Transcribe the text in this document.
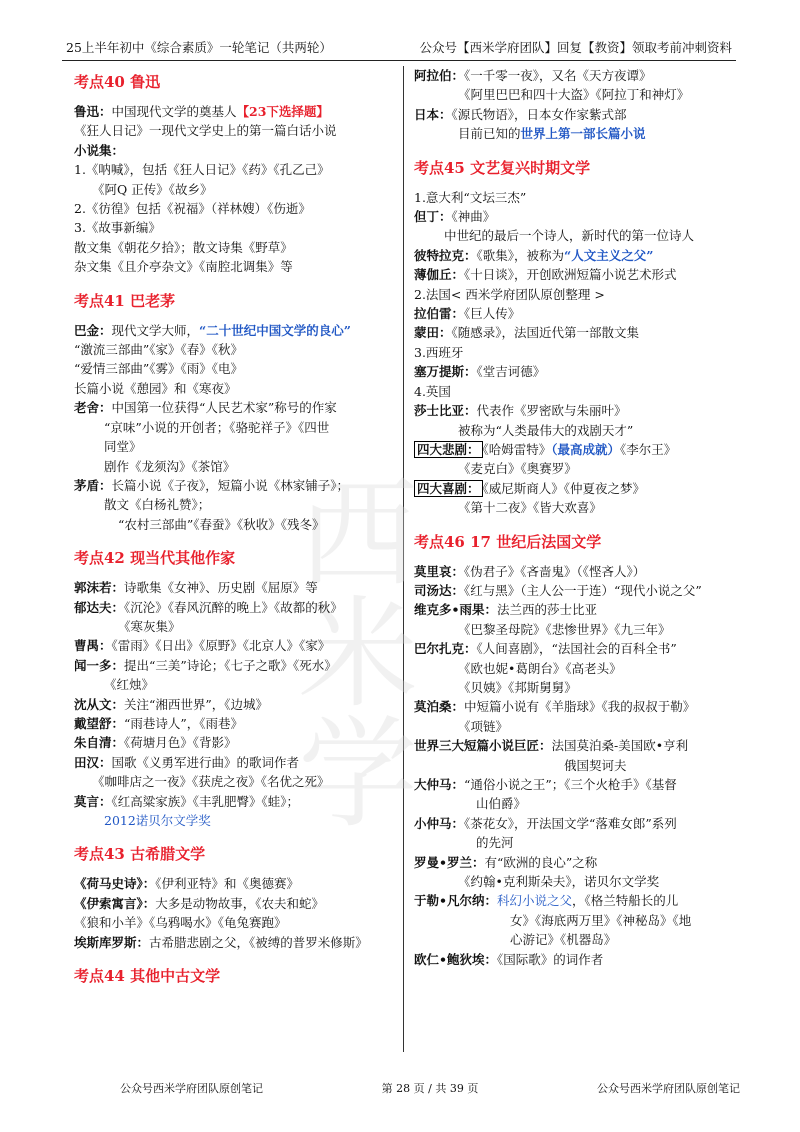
25上半年初中《综合素质》一轮笔记（共两轮）	公众号【西米学府团队】回复【教资】领取考前冲刺资料
西米学
考点40 鲁迅
鲁迅：中国现代文学的奠基人【23下选择题】
《狂人日记》一现代文学史上的第一篇白话小说
小说集：
1.《呐喊》，包括《狂人日记》《药》《孔乙己》
《阿Q 正传》《故乡》
2.《彷徨》包括《祝福》（祥林嫂）《伤逝》
3.《故事新编》
散文集《朝花夕拾》；散文诗集《野草》
杂文集《且介亭杂文》《南腔北调集》等
考点41 巴老茅
巴金：现代文学大师，“二十世纪中国文学的良心”
“激流三部曲”《家》《春》《秋》
“爱情三部曲”《雾》《雨》《电》
长篇小说《憩园》和《寒夜》
老舍：中国第一位获得“人民艺术家”称号的作家
“京味”小说的开创者；《骆驼祥子》《四世
同堂》
剧作《龙须沟》《茶馆》
茅盾：长篇小说《子夜》，短篇小说《林家铺子》；
散文《白杨礼赞》；
“农村三部曲”《春蚕》《秋收》《残冬》
考点42 现当代其他作家
郭沫若：诗歌集《女神》、历史剧《屈原》等
郁达夫：《沉沦》《春风沉醉的晚上》《故都的秋》
《寒灰集》
曹禺：《雷雨》《日出》《原野》《北京人》《家》
闻一多：提出“三美”诗论；《七子之歌》《死水》
《红烛》
沈从文：关注“湘西世界”，《边城》
戴望舒：“雨巷诗人”，《雨巷》
朱自清：《荷塘月色》《背影》
田汉：国歌《义勇军进行曲》的歌词作者
《咖啡店之一夜》《获虎之夜》《名优之死》
莫言：《红高粱家族》《丰乳肥臀》《蛙》；
2012诺贝尔文学奖
考点43 古希腊文学
《荷马史诗》：《伊利亚特》和《奥德赛》
《伊索寓言》：大多是动物故事，《农夫和蛇》
《狼和小羊》《乌鸦喝水》《龟兔赛跑》
埃斯库罗斯：古希腊悲剧之父，《被缚的普罗米修斯》
考点44 其他中古文学
阿拉伯：《一千零一夜》，又名《天方夜谭》
《阿里巴巴和四十大盗》《阿拉丁和神灯》
日本：《源氏物语》，日本女作家紫式部
目前已知的世界上第一部长篇小说
考点45 文艺复兴时期文学
1.意大利“文坛三杰”
但丁：《神曲》
中世纪的最后一个诗人，新时代的第一位诗人
彼特拉克：《歌集》，被称为“人文主义之父”
薄伽丘：《十日谈》，开创欧洲短篇小说艺术形式
2.法国< 西米学府团队原创整理 >
拉伯雷：《巨人传》
蒙田：《随感录》，法国近代第一部散文集
3.西班牙
塞万提斯：《堂吉诃德》
4.英国
莎士比亚：代表作《罗密欧与朱丽叶》
被称为“人类最伟大的戏剧天才”
四大悲剧： 《哈姆雷特》（最高成就）《李尔王》
《麦克白》《奥赛罗》
四大喜剧： 《威尼斯商人》《仲夏夜之梦》
《第十二夜》《皆大欢喜》
考点46 17 世纪后法国文学
莫里哀：《伪君子》《吝啬鬼》（《悭吝人》）
司汤达：《红与黑》（主人公一于连）“现代小说之父”
维克多•雨果：法兰西的莎士比亚
《巴黎圣母院》《悲惨世界》《九三年》
巴尔扎克：《人间喜剧》，“法国社会的百科全书”
《欧也妮•葛朗台》《高老头》
《贝姨》《邦斯舅舅》
莫泊桑：中短篇小说有《羊脂球》《我的叔叔于勒》
《项链》
世界三大短篇小说巨匠：法国莫泊桑-美国欧•亨利
俄国契诃夫
大仲马：“通俗小说之王”；《三个火枪手》《基督
山伯爵》
小仲马：《茶花女》，开法国文学“落难女郎”系列
的先河
罗曼•罗兰：有“欧洲的良心”之称
《约翰•克利斯朵夫》，诺贝尔文学奖
于勒•凡尔纳：科幻小说之父，《格兰特船长的儿
女》《海底两万里》《神秘岛》《地
心游记》《机器岛》
欧仁•鲍狄埃：《国际歌》的词作者
公众号西米学府团队原创笔记	第 28 页 / 共 39 页	公众号西米学府团队原创笔记
